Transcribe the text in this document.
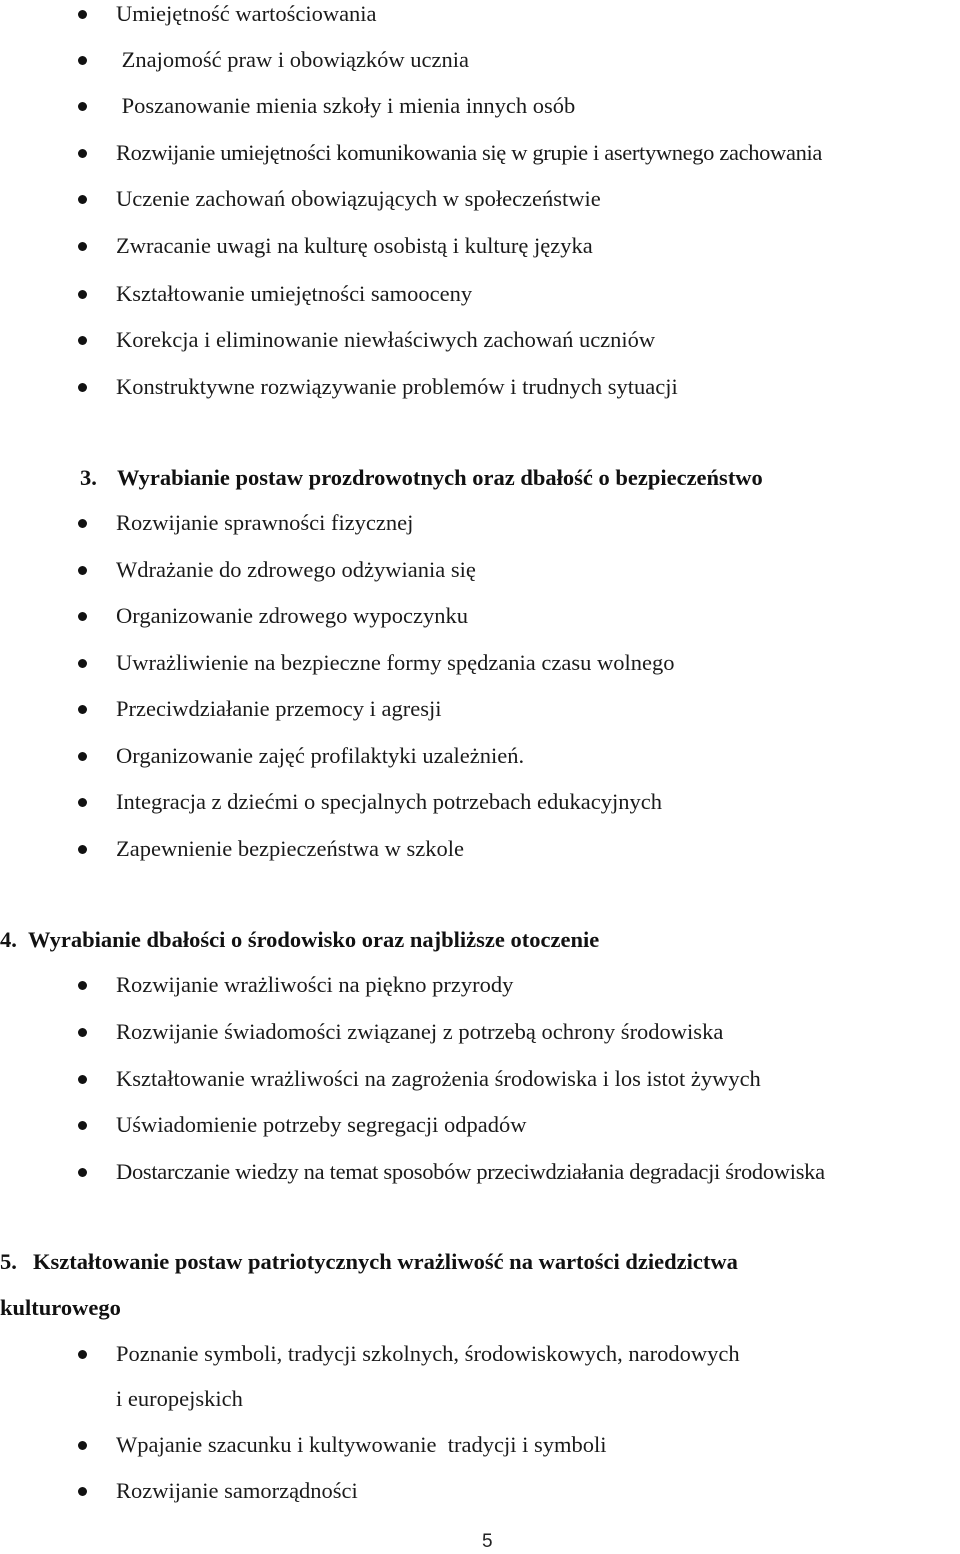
Umiejętność wartościowania
Znajomość praw i obowiązków ucznia
Poszanowanie mienia szkoły i mienia innych osób
Rozwijanie umiejętności komunikowania się w grupie i asertywnego zachowania
Uczenie zachowań obowiązujących w społeczeństwie
Zwracanie uwagi na kulturę osobistą i kulturę języka
Kształtowanie umiejętności samooceny
Korekcja i eliminowanie niewłaściwych zachowań uczniów
Konstruktywne rozwiązywanie problemów i trudnych sytuacji
3. Wyrabianie postaw prozdrowotnych oraz dbałość o bezpieczeństwo
Rozwijanie sprawności fizycznej
Wdrażanie do zdrowego odżywiania się
Organizowanie zdrowego wypoczynku
Uwrażliwienie na bezpieczne formy spędzania czasu wolnego
Przeciwdziałanie przemocy i agresji
Organizowanie zajęć profilaktyki uzależnień.
Integracja z dziećmi o specjalnych potrzebach edukacyjnych
Zapewnienie bezpieczeństwa w szkole
4. Wyrabianie dbałości o środowisko oraz najbliższe otoczenie
Rozwijanie wrażliwości na piękno przyrody
Rozwijanie świadomości związanej z potrzebą ochrony środowiska
Kształtowanie wrażliwości na zagrożenia środowiska i los istot żywych
Uświadomienie potrzeby segregacji odpadów
Dostarczanie wiedzy na temat sposobów przeciwdziałania degradacji środowiska
5. Kształtowanie postaw patriotycznych wrażliwość na wartości dziedzictwa
kulturowego
Poznanie symboli, tradycji szkolnych, środowiskowych, narodowych
i europejskich
Wpajanie szacunku i kultywowanie  tradycji i symboli
Rozwijanie samorządności
5
